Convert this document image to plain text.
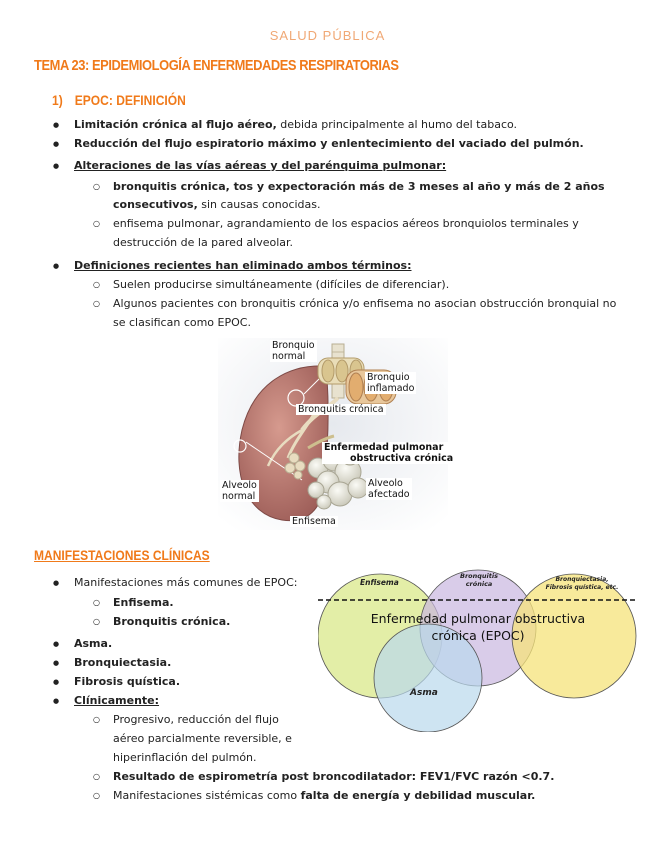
SALUD PÚBLICA
TEMA 23: EPIDEMIOLOGÍA ENFERMEDADES RESPIRATORIAS
1) EPOC: DEFINICIÓN
● Limitación crónica al flujo aéreo, debida principalmente al humo del tabaco.
● Reducción del flujo espiratorio máximo y enlentecimiento del vaciado del pulmón.
● Alteraciones de las vías aéreas y del parénquima pulmonar:
○ bronquitis crónica, tos y expectoración más de 3 meses al año y más de 2 años
consecutivos, sin causas conocidas.
○ enfisema pulmonar, agrandamiento de los espacios aéreos bronquiolos terminales y
destrucción de la pared alveolar.
● Definiciones recientes han eliminado ambos términos:
○ Suelen producirse simultáneamente (difíciles de diferenciar).
○ Algunos pacientes con bronquitis crónica y/o enfisema no asocian obstrucción bronquial no
se clasifican como EPOC.
Bronquio
normal
Bronquio
inflamado
Bronquitis crónica
Enfermedad pulmonar
obstructiva crónica
Alveolo
normal
Alveolo
afectado
Enfisema
MANIFESTACIONES CLÍNICAS
● Manifestaciones más comunes de EPOC:
○ Enfisema.
○ Bronquitis crónica.
● Asma.
● Bronquiectasia.
● Fibrosis quística.
● Clínicamente:
○ Progresivo, reducción del flujo
aéreo parcialmente reversible, e
hiperinflación del pulmón.
○ Resultado de espirometría post broncodilatador: FEV1/FVC razón <0.7.
○ Manifestaciones sistémicas como falta de energía y debilidad muscular.
Enfisema
Bronquitis
crónica
Bronquiectasia,
Fibrosis quística, etc.
Enfermedad pulmonar obstructiva
crónica (EPOC)
Asma
